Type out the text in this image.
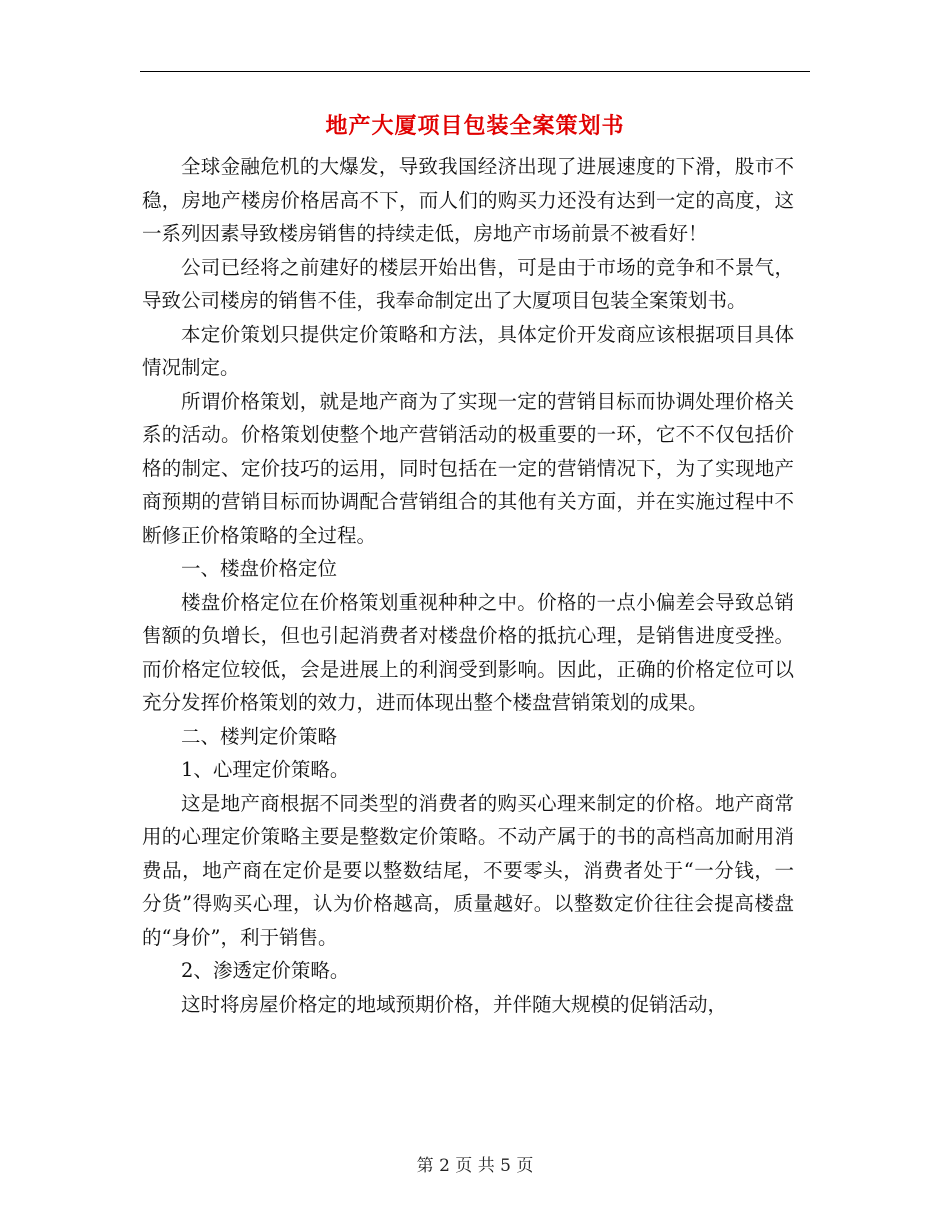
地产大厦项目包装全案策划书

全球金融危机的大爆发，导致我国经济出现了进展速度的下滑，股市不稳，房地产楼房价格居高不下，而人们的购买力还没有达到一定的高度，这一系列因素导致楼房销售的持续走低，房地产市场前景不被看好！

公司已经将之前建好的楼层开始出售，可是由于市场的竞争和不景气，导致公司楼房的销售不佳，我奉命制定出了大厦项目包装全案策划书。

本定价策划只提供定价策略和方法，具体定价开发商应该根据项目具体情况制定。

所谓价格策划，就是地产商为了实现一定的营销目标而协调处理价格关系的活动。价格策划使整个地产营销活动的极重要的一环，它不不仅包括价格的制定、定价技巧的运用，同时包括在一定的营销情况下，为了实现地产商预期的营销目标而协调配合营销组合的其他有关方面，并在实施过程中不断修正价格策略的全过程。

一、楼盘价格定位

楼盘价格定位在价格策划重视种种之中。价格的一点小偏差会导致总销售额的负增长，但也引起消费者对楼盘价格的抵抗心理，是销售进度受挫。而价格定位较低，会是进展上的利润受到影响。因此，正确的价格定位可以充分发挥价格策划的效力，进而体现出整个楼盘营销策划的成果。

二、楼判定价策略

1、心理定价策略。

这是地产商根据不同类型的消费者的购买心理来制定的价格。地产商常用的心理定价策略主要是整数定价策略。不动产属于的书的高档高加耐用消费品，地产商在定价是要以整数结尾，不要零头，消费者处于“一分钱，一分货”得购买心理，认为价格越高，质量越好。以整数定价往往会提高楼盘的“身价”，利于销售。

2、渗透定价策略。

这时将房屋价格定的地域预期价格，并伴随大规模的促销活动，

第 2 页 共 5 页
